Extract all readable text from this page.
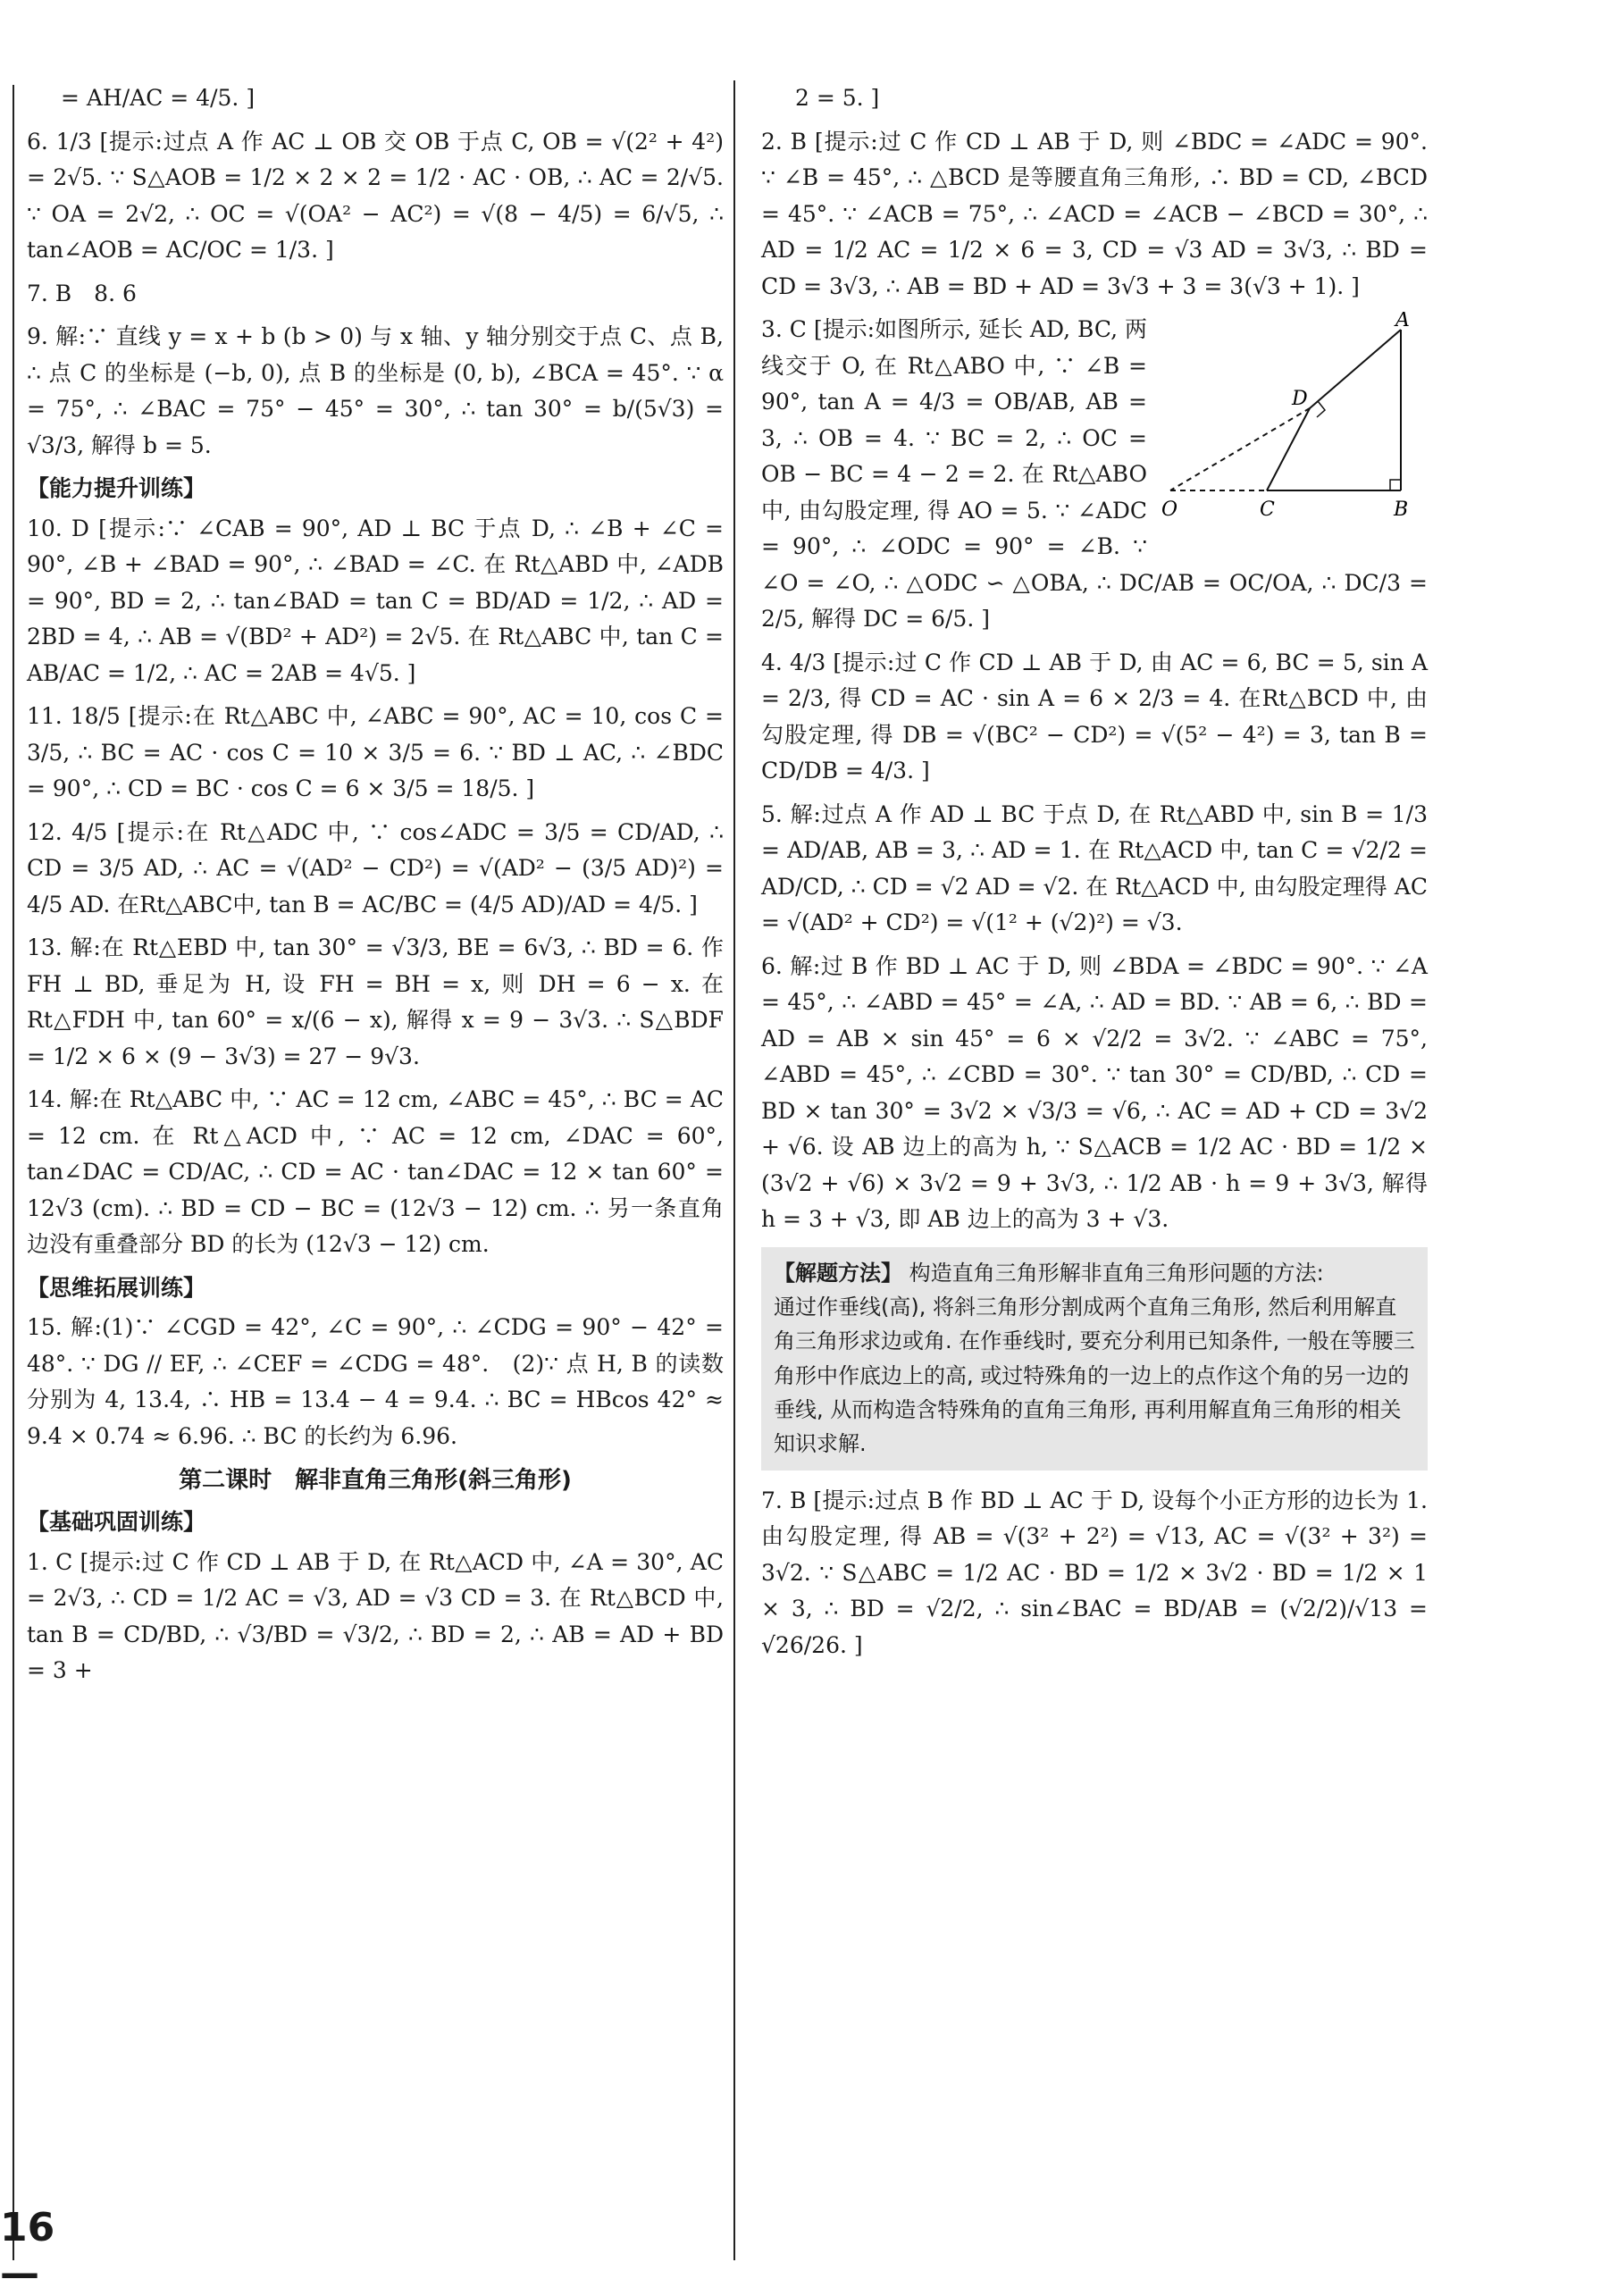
= AH/AC = 4/5. ]

6. 1/3 [提示:过点 A 作 AC ⊥ OB 交 OB 于点 C, OB = √(2² + 4²) = 2√5. ∵ S△AOB = 1/2 × 2 × 2 = 1/2 · AC · OB, ∴ AC = 2/√5. ∵ OA = 2√2, ∴ OC = √(OA² − AC²) = √(8 − 4/5) = 6/√5, ∴ tan∠AOB = AC/OC = 1/3. ]

7. B　8. 6

9. 解:∵ 直线 y = x + b (b > 0) 与 x 轴、y 轴分别交于点 C、点 B, ∴ 点 C 的坐标是 (−b, 0), 点 B 的坐标是 (0, b), ∠BCA = 45°. ∵ α = 75°, ∴ ∠BAC = 75° − 45° = 30°, ∴ tan 30° = b/(5√3) = √3/3, 解得 b = 5.

【能力提升训练】

10. D [提示:∵ ∠CAB = 90°, AD ⊥ BC 于点 D, ∴ ∠B + ∠C = 90°, ∠B + ∠BAD = 90°, ∴ ∠BAD = ∠C. 在 Rt△ABD 中, ∠ADB = 90°, BD = 2, ∴ tan∠BAD = tan C = BD/AD = 1/2, ∴ AD = 2BD = 4, ∴ AB = √(BD² + AD²) = 2√5. 在 Rt△ABC 中, tan C = AB/AC = 1/2, ∴ AC = 2AB = 4√5. ]

11. 18/5 [提示:在 Rt△ABC 中, ∠ABC = 90°, AC = 10, cos C = 3/5, ∴ BC = AC · cos C = 10 × 3/5 = 6. ∵ BD ⊥ AC, ∴ ∠BDC = 90°, ∴ CD = BC · cos C = 6 × 3/5 = 18/5. ]

12. 4/5 [提示:在 Rt△ADC 中, ∵ cos∠ADC = 3/5 = CD/AD, ∴ CD = 3/5 AD, ∴ AC = √(AD² − CD²) = √(AD² − (3/5 AD)²) = 4/5 AD. 在Rt△ABC中, tan B = AC/BC = (4/5 AD)/AD = 4/5. ]

13. 解:在 Rt△EBD 中, tan 30° = √3/3, BE = 6√3, ∴ BD = 6. 作 FH ⊥ BD, 垂足为 H, 设 FH = BH = x, 则 DH = 6 − x. 在 Rt△FDH 中, tan 60° = x/(6 − x), 解得 x = 9 − 3√3. ∴ S△BDF = 1/2 × 6 × (9 − 3√3) = 27 − 9√3.

14. 解:在 Rt△ABC 中, ∵ AC = 12 cm, ∠ABC = 45°, ∴ BC = AC = 12 cm. 在 Rt△ACD 中, ∵ AC = 12 cm, ∠DAC = 60°, tan∠DAC = CD/AC, ∴ CD = AC · tan∠DAC = 12 × tan 60° = 12√3 (cm). ∴ BD = CD − BC = (12√3 − 12) cm. ∴ 另一条直角边没有重叠部分 BD 的长为 (12√3 − 12) cm.

【思维拓展训练】

15. 解:(1)∵ ∠CGD = 42°, ∠C = 90°, ∴ ∠CDG = 90° − 42° = 48°. ∵ DG // EF, ∴ ∠CEF = ∠CDG = 48°.　(2)∵ 点 H, B 的读数分别为 4, 13.4, ∴ HB = 13.4 − 4 = 9.4. ∴ BC = HBcos 42° ≈ 9.4 × 0.74 ≈ 6.96. ∴ BC 的长约为 6.96.

第二课时　解非直角三角形(斜三角形)
【基础巩固训练】

1. C [提示:过 C 作 CD ⊥ AB 于 D, 在 Rt△ACD 中, ∠A = 30°, AC = 2√3, ∴ CD = 1/2 AC = √3, AD = √3 CD = 3. 在 Rt△BCD 中, tan B = CD/BD, ∴ √3/BD = √3/2, ∴ BD = 2, ∴ AB = AD + BD = 3 +

2 = 5. ]

2. B [提示:过 C 作 CD ⊥ AB 于 D, 则 ∠BDC = ∠ADC = 90°. ∵ ∠B = 45°, ∴ △BCD 是等腰直角三角形, ∴ BD = CD, ∠BCD = 45°. ∵ ∠ACB = 75°, ∴ ∠ACD = ∠ACB − ∠BCD = 30°, ∴ AD = 1/2 AC = 1/2 × 6 = 3, CD = √3 AD = 3√3, ∴ BD = CD = 3√3, ∴ AB = BD + AD = 3√3 + 3 = 3(√3 + 1). ]

A
D
O	C	B

3. C [提示:如图所示, 延长 AD, BC, 两线交于 O, 在 Rt△ABO 中, ∵ ∠B = 90°, tan A = 4/3 = OB/AB, AB = 3, ∴ OB = 4. ∵ BC = 2, ∴ OC = OB − BC = 4 − 2 = 2. 在 Rt△ABO 中, 由勾股定理, 得 AO = 5. ∵ ∠ADC = 90°, ∴ ∠ODC = 90° = ∠B. ∵ ∠O = ∠O, ∴ △ODC ∽ △OBA, ∴ DC/AB = OC/OA, ∴ DC/3 = 2/5, 解得 DC = 6/5. ]

4. 4/3 [提示:过 C 作 CD ⊥ AB 于 D, 由 AC = 6, BC = 5, sin A = 2/3, 得 CD = AC · sin A = 6 × 2/3 = 4. 在Rt△BCD 中, 由勾股定理, 得 DB = √(BC² − CD²) = √(5² − 4²) = 3, tan B = CD/DB = 4/3. ]

5. 解:过点 A 作 AD ⊥ BC 于点 D, 在 Rt△ABD 中, sin B = 1/3 = AD/AB, AB = 3, ∴ AD = 1. 在 Rt△ACD 中, tan C = √2/2 = AD/CD, ∴ CD = √2 AD = √2. 在 Rt△ACD 中, 由勾股定理得 AC = √(AD² + CD²) = √(1² + (√2)²) = √3.

6. 解:过 B 作 BD ⊥ AC 于 D, 则 ∠BDA = ∠BDC = 90°. ∵ ∠A = 45°, ∴ ∠ABD = 45° = ∠A, ∴ AD = BD. ∵ AB = 6, ∴ BD = AD = AB × sin 45° = 6 × √2/2 = 3√2. ∵ ∠ABC = 75°, ∠ABD = 45°, ∴ ∠CBD = 30°. ∵ tan 30° = CD/BD, ∴ CD = BD × tan 30° = 3√2 × √3/3 = √6, ∴ AC = AD + CD = 3√2 + √6. 设 AB 边上的高为 h, ∵ S△ACB = 1/2 AC · BD = 1/2 × (3√2 + √6) × 3√2 = 9 + 3√3, ∴ 1/2 AB · h = 9 + 3√3, 解得 h = 3 + √3, 即 AB 边上的高为 3 + √3.

【解题方法】 构造直角三角形解非直角三角形问题的方法:
通过作垂线(高), 将斜三角形分割成两个直角三角形, 然后利用解直角三角形求边或角. 在作垂线时, 要充分利用已知条件, 一般在等腰三角形中作底边上的高, 或过特殊角的一边上的点作这个角的另一边的垂线, 从而构造含特殊角的直角三角形, 再利用解直角三角形的相关知识求解.

7. B [提示:过点 B 作 BD ⊥ AC 于 D, 设每个小正方形的边长为 1. 由勾股定理, 得 AB = √(3² + 2²) = √13, AC = √(3² + 3²) = 3√2. ∵ S△ABC = 1/2 AC · BD = 1/2 × 3√2 · BD = 1/2 × 1 × 3, ∴ BD = √2/2, ∴ sin∠BAC = BD/AB = (√2/2)/√13 = √26/26. ]

16 —
